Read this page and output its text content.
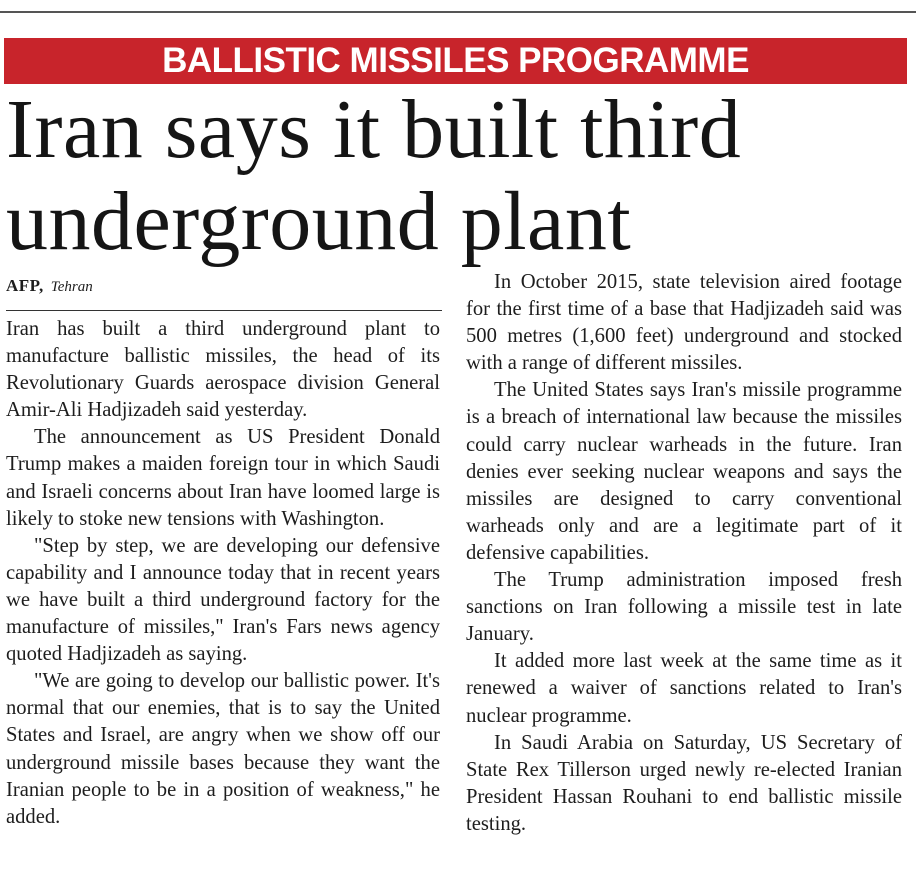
BALLISTIC MISSILES PROGRAMME
Iran says it built third underground plant
AFP, Tehran

Iran has built a third underground plant to manufacture ballistic missiles, the head of its Revolutionary Guards aerospace division General Amir-Ali Hadjizadeh said yesterday.

The announcement as US President Donald Trump makes a maiden foreign tour in which Saudi and Israeli concerns about Iran have loomed large is likely to stoke new tensions with Washington.

"Step by step, we are developing our defensive capability and I announce today that in recent years we have built a third underground factory for the manufacture of missiles," Iran's Fars news agency quoted Hadjizadeh as saying.

"We are going to develop our ballistic power. It's normal that our enemies, that is to say the United States and Israel, are angry when we show off our underground missile bases because they want the Iranian people to be in a position of weakness," he added.

In October 2015, state television aired footage for the first time of a base that Hadjizadeh said was 500 metres (1,600 feet) underground and stocked with a range of different missiles.

The United States says Iran's missile programme is a breach of international law because the missiles could carry nuclear warheads in the future. Iran denies ever seeking nuclear weapons and says the missiles are designed to carry conventional warheads only and are a legitimate part of it defensive capabilities.

The Trump administration imposed fresh sanctions on Iran following a missile test in late January.

It added more last week at the same time as it renewed a waiver of sanctions related to Iran's nuclear programme.

In Saudi Arabia on Saturday, US Secretary of State Rex Tillerson urged newly re-elected Iranian President Hassan Rouhani to end ballistic missile testing.
